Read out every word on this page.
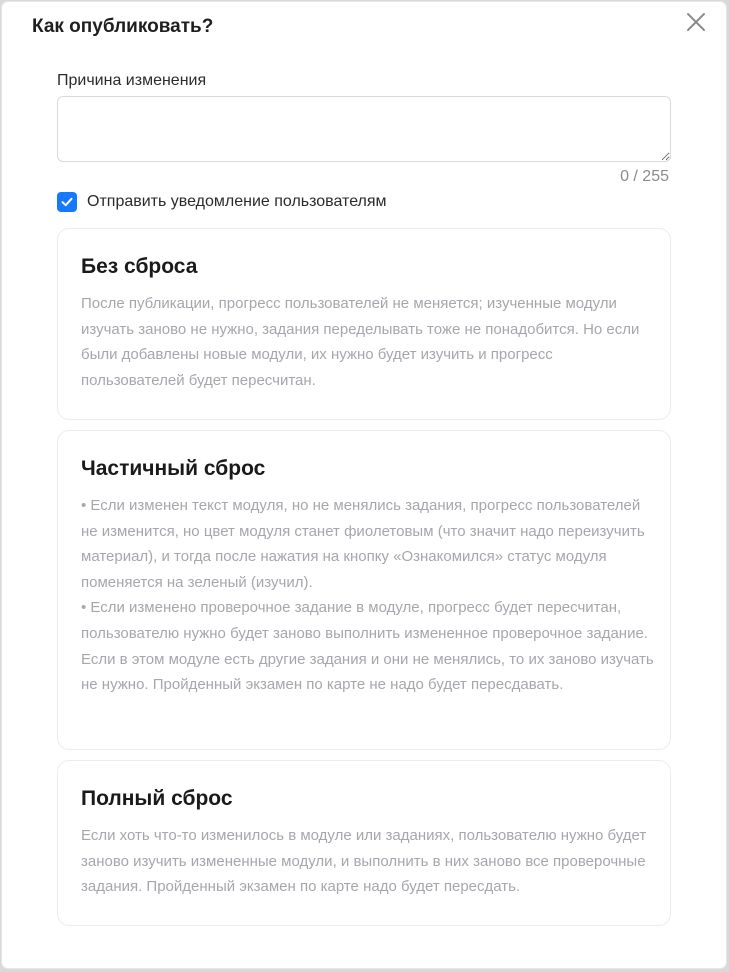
Как опубликовать?
Причина изменения
0 / 255
Отправить уведомление пользователям
Без сброса

После публикации, прогресс пользователей не меняется; изученные модули изучать заново не нужно, задания переделывать тоже не понадобится. Но если были добавлены новые модули, их нужно будет изучить и прогресс пользователей будет пересчитан.

Частичный сброс

• Если изменен текст модуля, но не менялись задания, прогресс пользователей не изменится, но цвет модуля станет фиолетовым (что значит надо переизучить материал), и тогда после нажатия на кнопку «Ознакомился» статус модуля поменяется на зеленый (изучил).

• Если изменено проверочное задание в модуле, прогресс будет пересчитан, пользователю нужно будет заново выполнить измененное проверочное задание. Если в этом модуле есть другие задания и они не менялись, то их заново изучать не нужно. Пройденный экзамен по карте не надо будет пересдавать.

Полный сброс

Если хоть что-то изменилось в модуле или заданиях, пользователю нужно будет заново изучить измененные модули, и выполнить в них заново все проверочные задания. Пройденный экзамен по карте надо будет пересдать.
